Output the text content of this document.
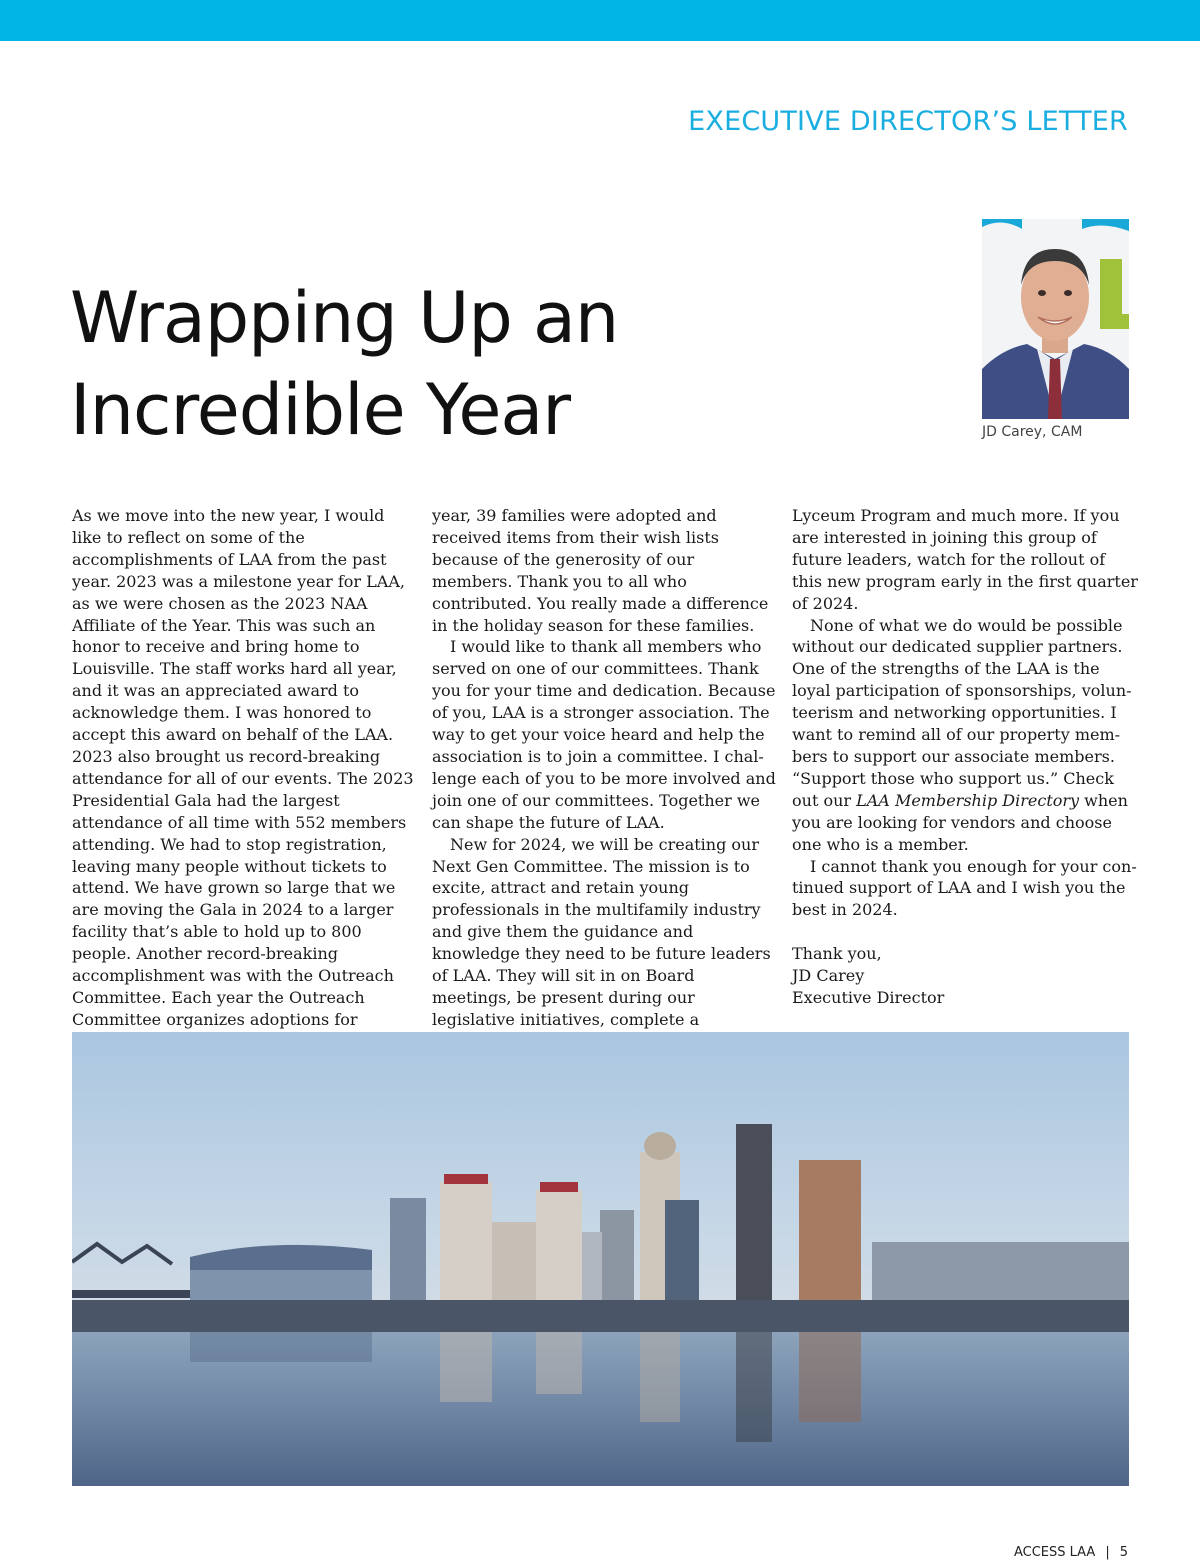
EXECUTIVE DIRECTOR’S LETTER
Wrapping Up an
Incredible Year	JD Carey, CAM

As we move into the new year, I would like to reflect on some of the accomplishments of LAA from the past year. 2023 was a milestone year for LAA, as we were chosen as the 2023 NAA Affiliate of the Year. This was such an honor to receive and bring home to Louisville. The staff works hard all year, and it was an appreciated award to acknowledge them. I was honored to accept this award on behalf of the LAA. 2023 also brought us record-breaking attendance for all of our events. The 2023 Presidential Gala had the largest attendance of all time with 552 members attending. We had to stop registration, leaving many people without tickets to attend. We have grown so large that we are moving the Gala in 2024 to a larger facility that’s able to hold up to 800 people. Another record-breaking accomplishment was with the Outreach Committee. Each year the Outreach Committee organizes adoptions for

year, 39 families were adopted and received items from their wish lists because of the generosity of our members. Thank you to all who contributed. You really made a difference in the holiday season for these families.

I would like to thank all members who served on one of our committees. Thank you for your time and dedication. Because of you, LAA is a stronger association. The way to get your voice heard and help the association is to join a committee. I challenge each of you to be more involved and join one of our committees. Together we can shape the future of LAA.

New for 2024, we will be creating our Next Gen Committee. The mission is to excite, attract and retain young professionals in the multifamily industry and give them the guidance and knowledge they need to be future leaders of LAA. They will sit in on Board meetings, be present during our legislative initiatives, complete a

Lyceum Program and much more. If you are interested in joining this group of future leaders, watch for the rollout of this new program early in the first quarter of 2024.

None of what we do would be possible without our dedicated supplier partners. One of the strengths of the LAA is the loyal participation of sponsorships, volunteerism and networking opportunities. I want to remind all of our property members to support our associate members. “Support those who support us.” Check out our LAA Membership Directory when you are looking for vendors and choose one who is a member.

I cannot thank you enough for your continued support of LAA and I wish you the best in 2024.

Thank you,

JD Carey

Executive Director

ACCESS LAA | 5
